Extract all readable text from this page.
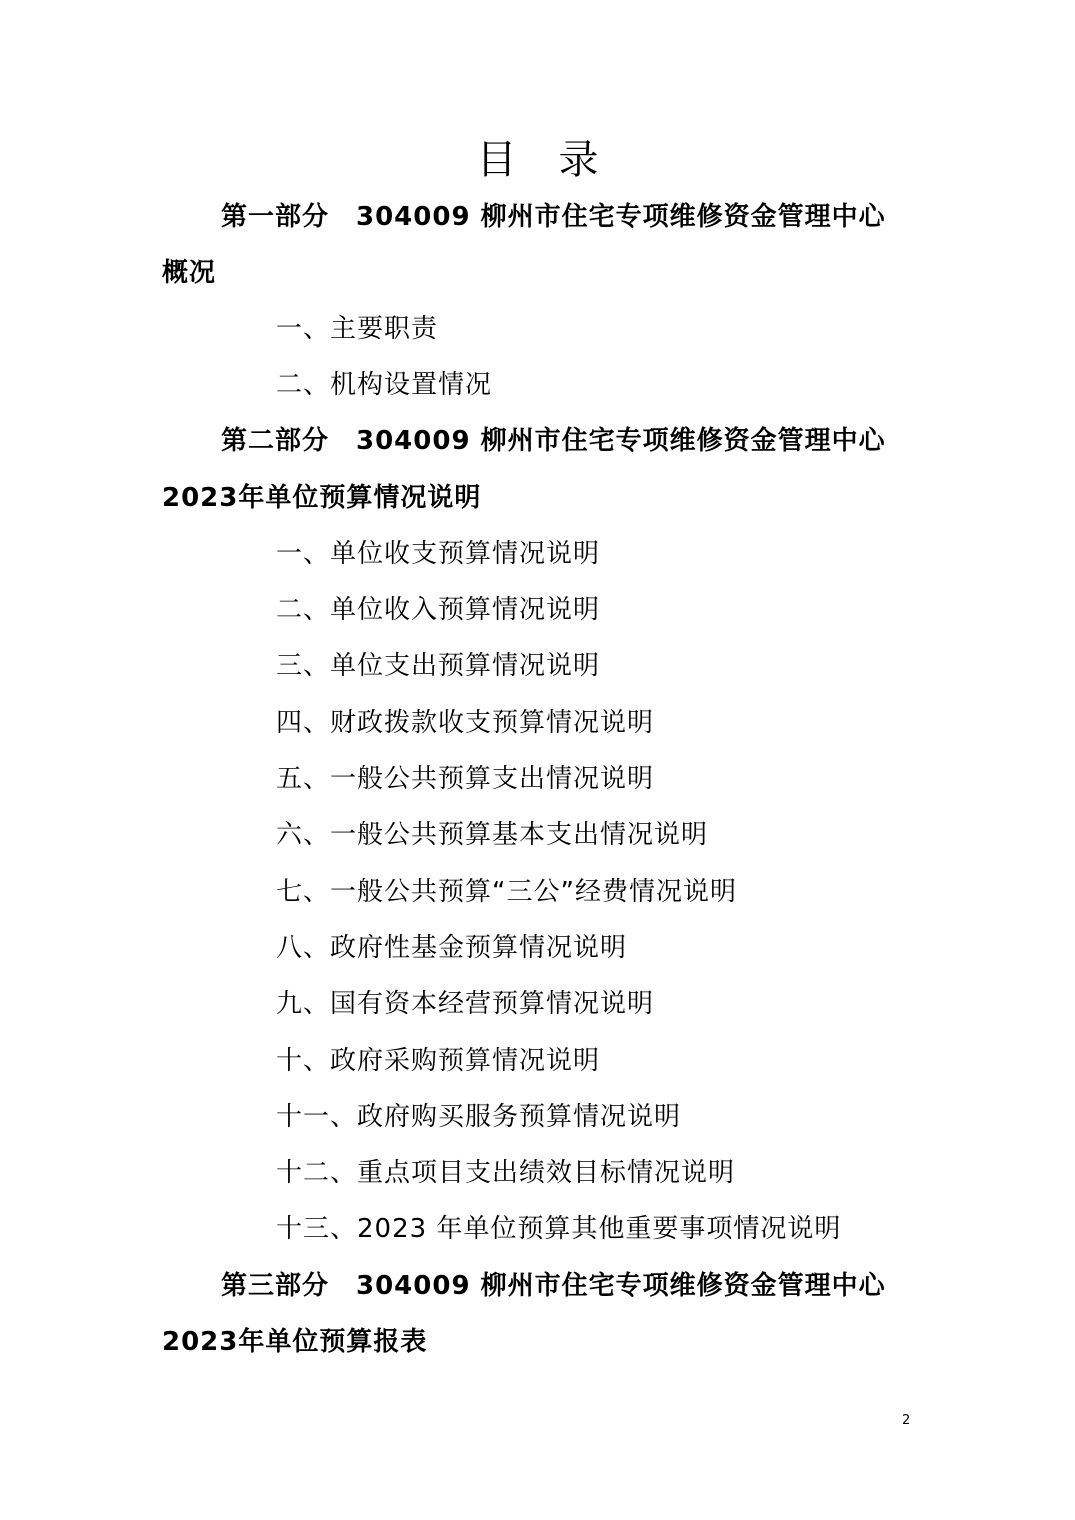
目录
第一部分　304009 柳州市住宅专项维修资金管理中心
概况
一、主要职责
二、机构设置情况
第二部分　304009 柳州市住宅专项维修资金管理中心
2023年单位预算情况说明
一、单位收支预算情况说明
二、单位收入预算情况说明
三、单位支出预算情况说明
四、财政拨款收支预算情况说明
五、一般公共预算支出情况说明
六、一般公共预算基本支出情况说明
七、一般公共预算“三公”经费情况说明
八、政府性基金预算情况说明
九、国有资本经营预算情况说明
十、政府采购预算情况说明
十一、政府购买服务预算情况说明
十二、重点项目支出绩效目标情况说明
十三、2023 年单位预算其他重要事项情况说明
第三部分　304009 柳州市住宅专项维修资金管理中心
2023年单位预算报表
2
